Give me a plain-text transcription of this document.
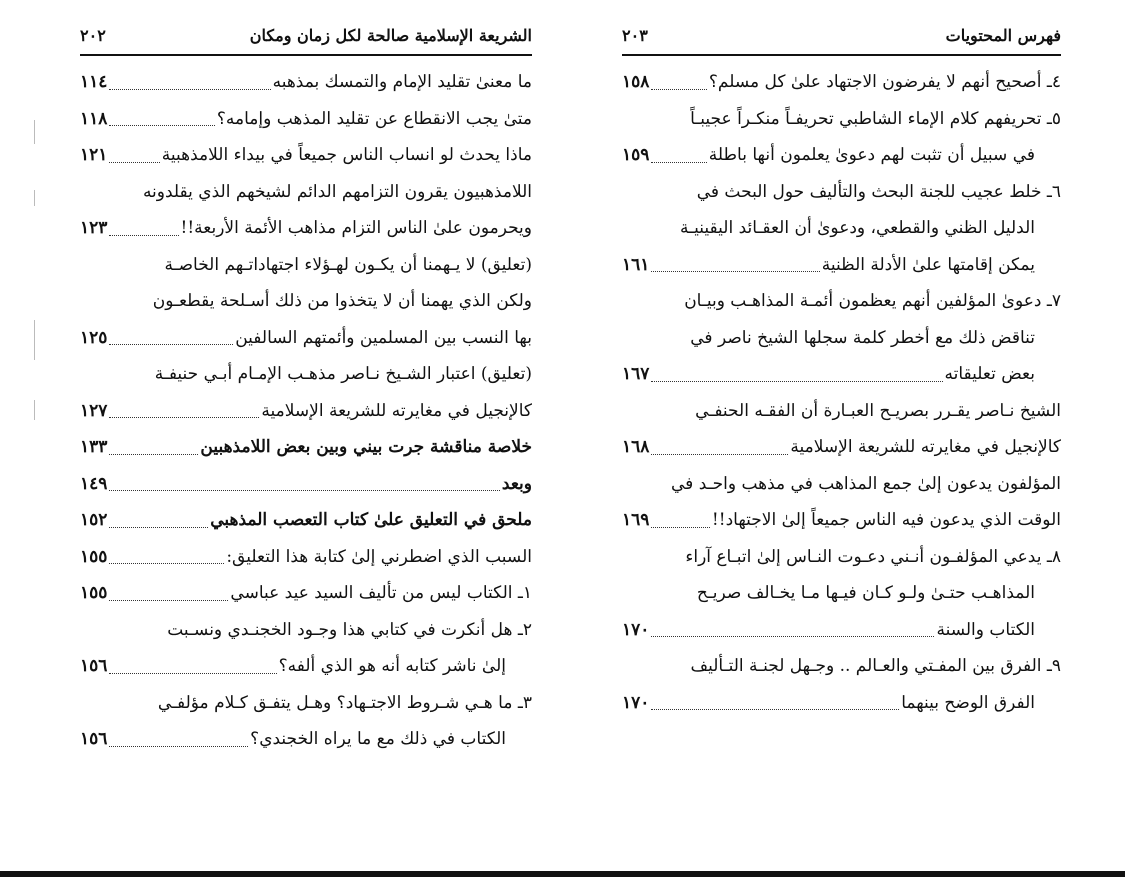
الشريعة الإسلامية صالحة لكل زمان ومكان
٢٠٢
ما معنىٰ تقليد الإمام والتمسك بمذهبه
١١٤
متىٰ يجب الانقطاع عن تقليد المذهب وإمامه؟
١١٨
ماذا يحدث لو انساب الناس جميعاً في بيداء اللامذهبية
١٢١
اللامذهبيون يقرون التزامهم الدائم لشيخهم الذي يقلدونه
ويحرمون علىٰ الناس التزام مذاهب الأئمة الأربعة!!
١٢٣
(تعليق) لا يـهمنا أن يكـون لهـؤلاء اجتهاداتـهم الخاصـة
ولكن الذي يهمنا أن لا يتخذوا من ذلك أسـلحة يقطعـون
بها النسب بين المسلمين وأئمتهم السالفين
١٢٥
(تعليق) اعتبار الشـيخ نـاصر مذهـب الإمـام أبـي حنيفـة
كالإنجيل في مغايرته للشريعة الإسلامية
١٢٧
خلاصة مناقشة جرت بيني وبين بعض اللامذهبين
١٣٣
وبعد
١٤٩
ملحق في التعليق علىٰ كتاب التعصب المذهبي
١٥٢
السبب الذي اضطرني إلىٰ كتابة هذا التعليق:
١٥٥
١ـ الكتاب ليس من تأليف السيد عيد عباسي
١٥٥
٢ـ هل أنكرت في كتابي هذا وجـود الخجنـدي ونسـبت
إلىٰ ناشر كتابه أنه هو الذي ألفه؟
١٥٦
٣ـ ما هـي شـروط الاجتـهاد؟ وهـل يتفـق كـلام مؤلفـي
الكتاب في ذلك مع ما يراه الخجندي؟
١٥٦
فهرس المحتويات
٢٠٣
٤ـ أصحيح أنهم لا يفرضون الاجتهاد علىٰ كل مسلم؟
١٥٨
٥ـ تحريفهم كلام الإماء الشاطبي تحريفـاً منكـراً عجيبـاً
في سبيل أن تثبت لهم دعوىٰ يعلمون أنها باطلة
١٥٩
٦ـ خلط عجيب للجنة البحث والتأليف حول البحث في
الدليل الظني والقطعي، ودعوىٰ أن العقـائد اليقينيـة
يمكن إقامتها علىٰ الأدلة الظنية
١٦١
٧ـ دعوىٰ المؤلفين أنهم يعظمون أئمـة المذاهـب وبيـان
تناقض ذلك مع أخطر كلمة سجلها الشيخ ناصر في
بعض تعليقاته
١٦٧
الشيخ نـاصر يقـرر بصريـح العبـارة أن الفقـه الحنفـي
كالإنجيل في مغايرته للشريعة الإسلامية
١٦٨
المؤلفون يدعون إلىٰ جمع المذاهب في مذهب واحـد في
الوقت الذي يدعون فيه الناس جميعاً إلىٰ الاجتهاد!!
١٦٩
٨ـ يدعي المؤلفـون أنـني دعـوت النـاس إلىٰ اتبـاع آراء
المذاهـب حتـىٰ ولـو كـان فيـها مـا يخـالف صريـح
الكتاب والسنة
١٧٠
٩ـ الفرق بين المفـتي والعـالم .. وجـهل لجنـة التـأليف
الفرق الوضح بينهما
١٧٠
